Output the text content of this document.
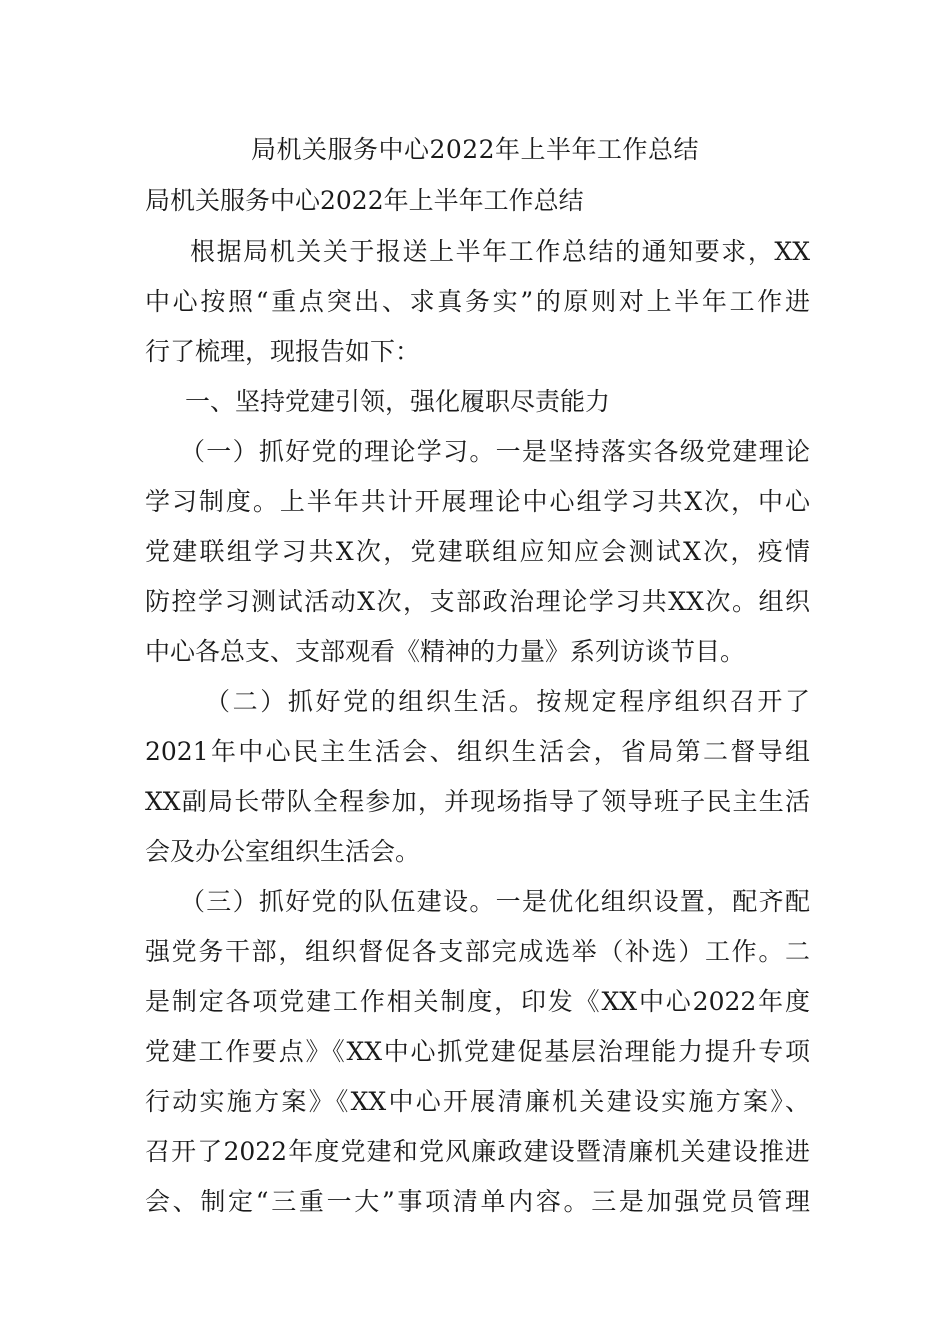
局机关服务中心2022年上半年工作总结
局机关服务中心2022年上半年工作总结
根据局机关关于报送上半年工作总结的通知要求，XX
中心按照“重点突出、求真务实”的原则对上半年工作进
行了梳理，现报告如下：
一、坚持党建引领，强化履职尽责能力
（一）抓好党的理论学习。一是坚持落实各级党建理论
学习制度。上半年共计开展理论中心组学习共X次，中心
党建联组学习共X次，党建联组应知应会测试X次，疫情
防控学习测试活动X次，支部政治理论学习共XX次。组织
中心各总支、支部观看《精神的力量》系列访谈节目。
（二）抓好党的组织生活。按规定程序组织召开了
2021年中心民主生活会、组织生活会，省局第二督导组
XX副局长带队全程参加，并现场指导了领导班子民主生活
会及办公室组织生活会。
（三）抓好党的队伍建设。一是优化组织设置，配齐配
强党务干部，组织督促各支部完成选举（补选）工作。二
是制定各项党建工作相关制度，印发《XX中心2022年度
党建工作要点》《XX中心抓党建促基层治理能力提升专项
行动实施方案》《XX中心开展清廉机关建设实施方案》、
召开了2022年度党建和党风廉政建设暨清廉机关建设推进
会、制定“三重一大”事项清单内容。三是加强党员管理
